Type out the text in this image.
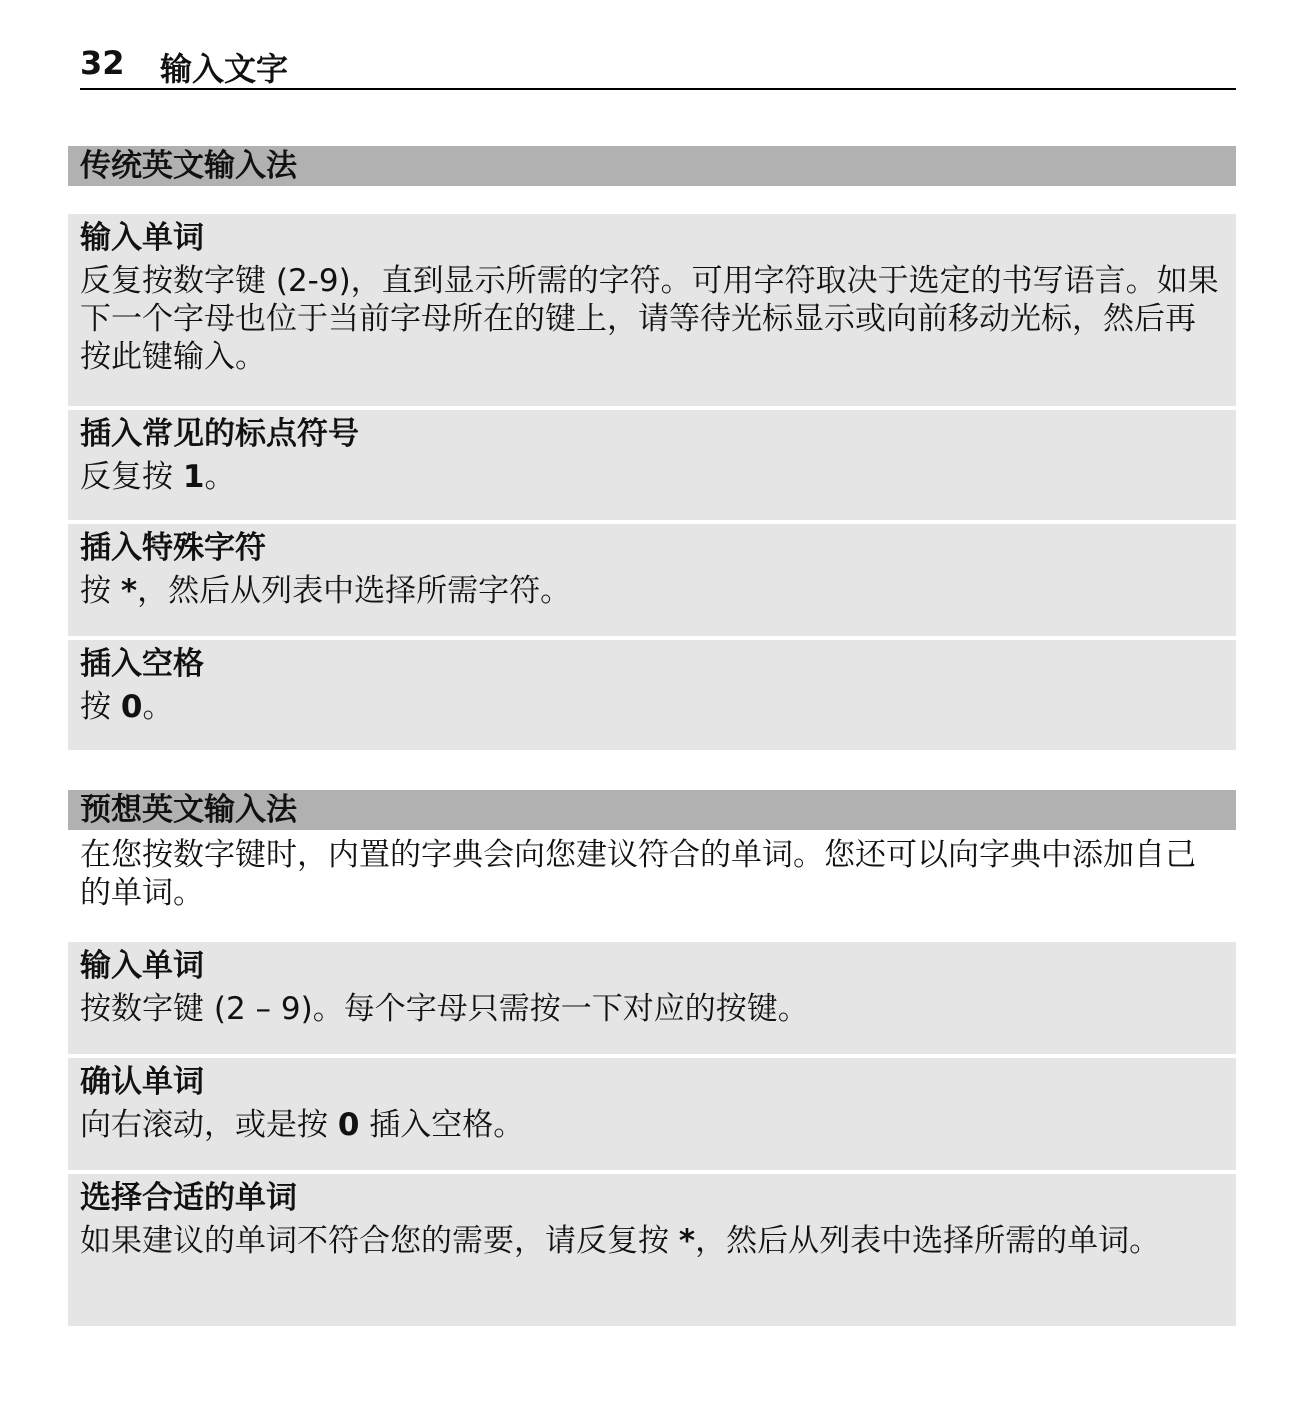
32	输入文字
传统英文输入法
输入单词
反复按数字键 (2-9)，直到显示所需的字符。可用字符取决于选定的书写语言。如果下一个字母也位于当前字母所在的键上，请等待光标显示或向前移动光标，然后再按此键输入。
插入常见的标点符号
反复按 1。
插入特殊字符
按 *，然后从列表中选择所需字符。
插入空格
按 0。
预想英文输入法
在您按数字键时，内置的字典会向您建议符合的单词。您还可以向字典中添加自己的单词。
输入单词
按数字键 (2 – 9)。每个字母只需按一下对应的按键。
确认单词
向右滚动，或是按 0 插入空格。
选择合适的单词
如果建议的单词不符合您的需要，请反复按 *，然后从列表中选择所需的单词。
